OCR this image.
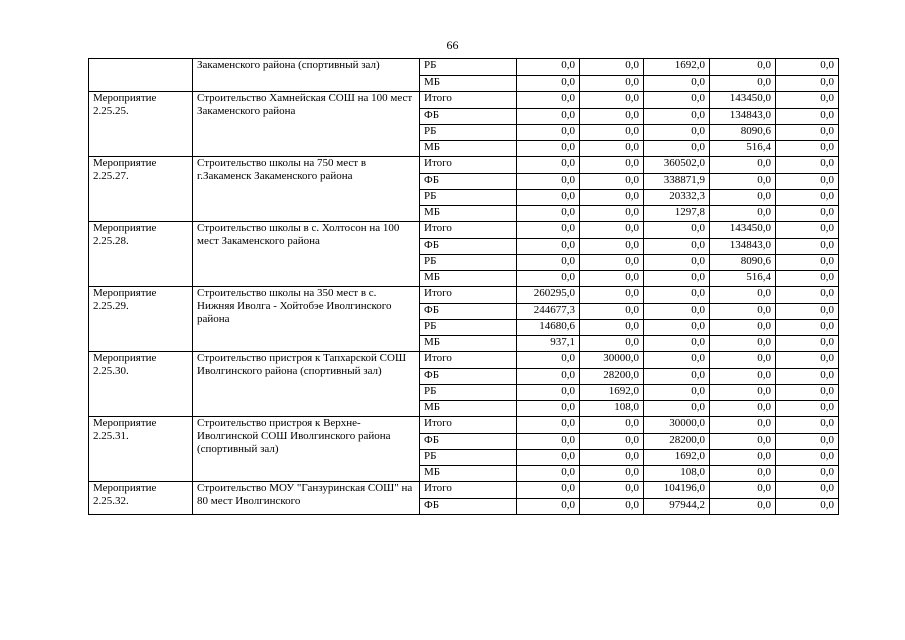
66
	Закаменского района (спортивный зал)	РБ	0,0	0,0	1692,0	0,0	0,0
		МБ	0,0	0,0	0,0	0,0	0,0
Мероприятие 2.25.25.	Строительство Хамнейская СОШ на 100 мест Закаменского района	Итого	0,0	0,0	0,0	143450,0	0,0
		ФБ	0,0	0,0	0,0	134843,0	0,0
		РБ	0,0	0,0	0,0	8090,6	0,0
		МБ	0,0	0,0	0,0	516,4	0,0
Мероприятие 2.25.27.	Строительство школы на 750 мест в г.Закаменск Закаменского района	Итого	0,0	0,0	360502,0	0,0	0,0
		ФБ	0,0	0,0	338871,9	0,0	0,0
		РБ	0,0	0,0	20332,3	0,0	0,0
		МБ	0,0	0,0	1297,8	0,0	0,0
Мероприятие 2.25.28.	Строительство школы в с. Холтосон на 100 мест Закаменского района	Итого	0,0	0,0	0,0	143450,0	0,0
		ФБ	0,0	0,0	0,0	134843,0	0,0
		РБ	0,0	0,0	0,0	8090,6	0,0
		МБ	0,0	0,0	0,0	516,4	0,0
Мероприятие 2.25.29.	Строительство школы на 350 мест в с. Нижняя Иволга - Хойтобэе Иволгинского района	Итого	260295,0	0,0	0,0	0,0	0,0
		ФБ	244677,3	0,0	0,0	0,0	0,0
		РБ	14680,6	0,0	0,0	0,0	0,0
		МБ	937,1	0,0	0,0	0,0	0,0
Мероприятие 2.25.30.	Строительство пристроя к Тапхарской СОШ Иволгинского района (спортивный зал)	Итого	0,0	30000,0	0,0	0,0	0,0
		ФБ	0,0	28200,0	0,0	0,0	0,0
		РБ	0,0	1692,0	0,0	0,0	0,0
		МБ	0,0	108,0	0,0	0,0	0,0
Мероприятие 2.25.31.	Строительство пристроя к Верхне-Иволгинской СОШ Иволгинского района (спортивный зал)	Итого	0,0	0,0	30000,0	0,0	0,0
		ФБ	0,0	0,0	28200,0	0,0	0,0
		РБ	0,0	0,0	1692,0	0,0	0,0
		МБ	0,0	0,0	108,0	0,0	0,0
Мероприятие 2.25.32.	Строительство МОУ "Ганзуринская СОШ" на 80 мест Иволгинского	Итого	0,0	0,0	104196,0	0,0	0,0
		ФБ	0,0	0,0	97944,2	0,0	0,0
